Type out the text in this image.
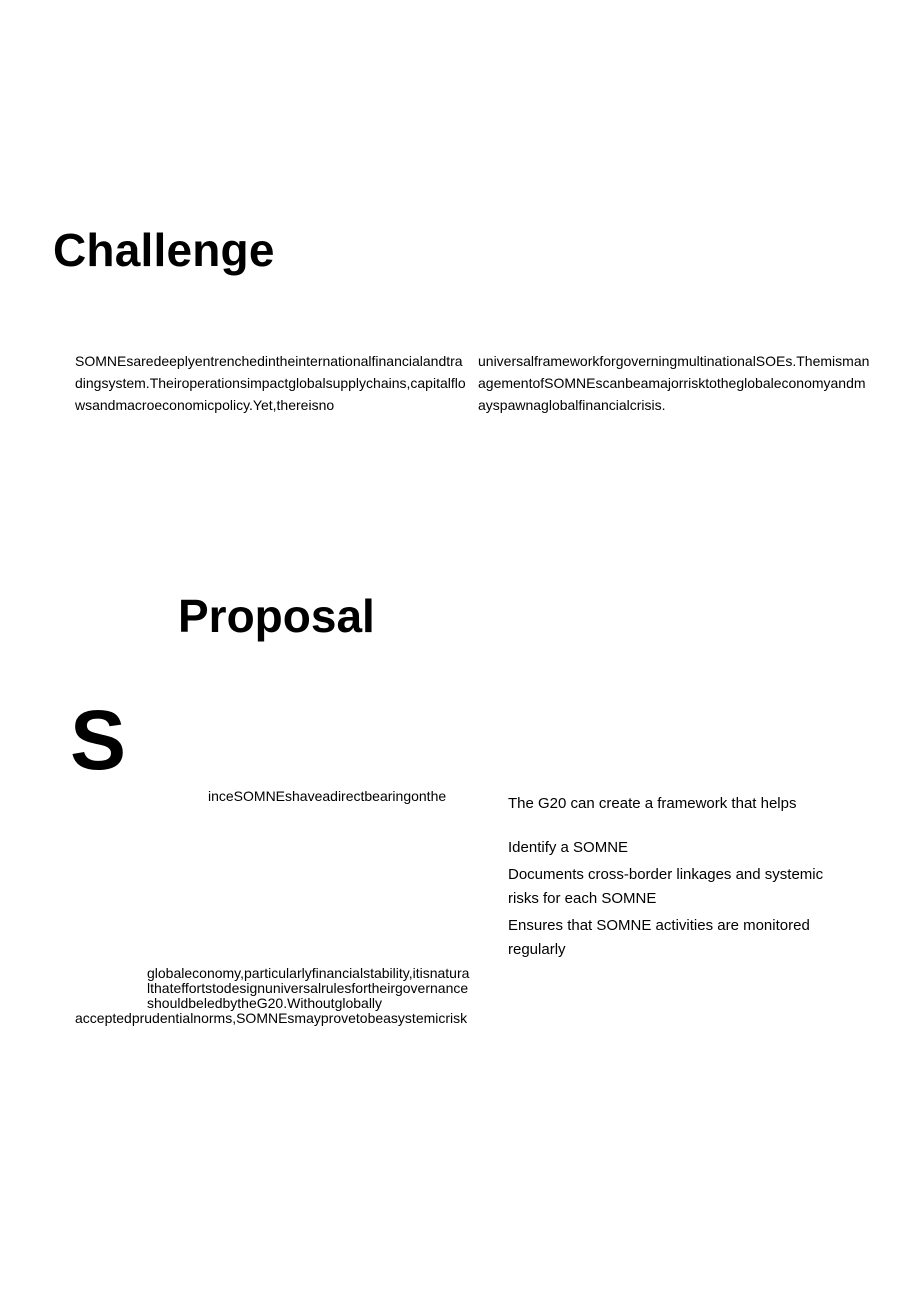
Challenge
SOMNEsaredeeplyentrenchedintheinternationalfinancialandtradingsystem.Theiroperationsimpactglobalsupplychains,capitalflowsandmacroeconomicpolicy.Yet,thereisno
universalframeworkforgoverningmultinationalSOEs.ThemismanagementofSOMNEscanbeamajorrisktotheglobaleconomyandmayspawnaglobalfinancialcrisis.
Proposal
S
inceSOMNEshaveadirectbearingonthe	The G20 can create a framework that helps
Identify a SOMNE
Documents cross-border linkages and systemic risks for each SOMNE
Ensures that SOMNE activities are monitored regularly
globaleconomy,particularlyfinancialstability,itisnatura
lthateffortstodesignuniversalrulesfortheirgovernance
shouldbeledbytheG20.Withoutglobally
acceptedprudentialnorms,SOMNEsmayprovetobeasystemicrisk
